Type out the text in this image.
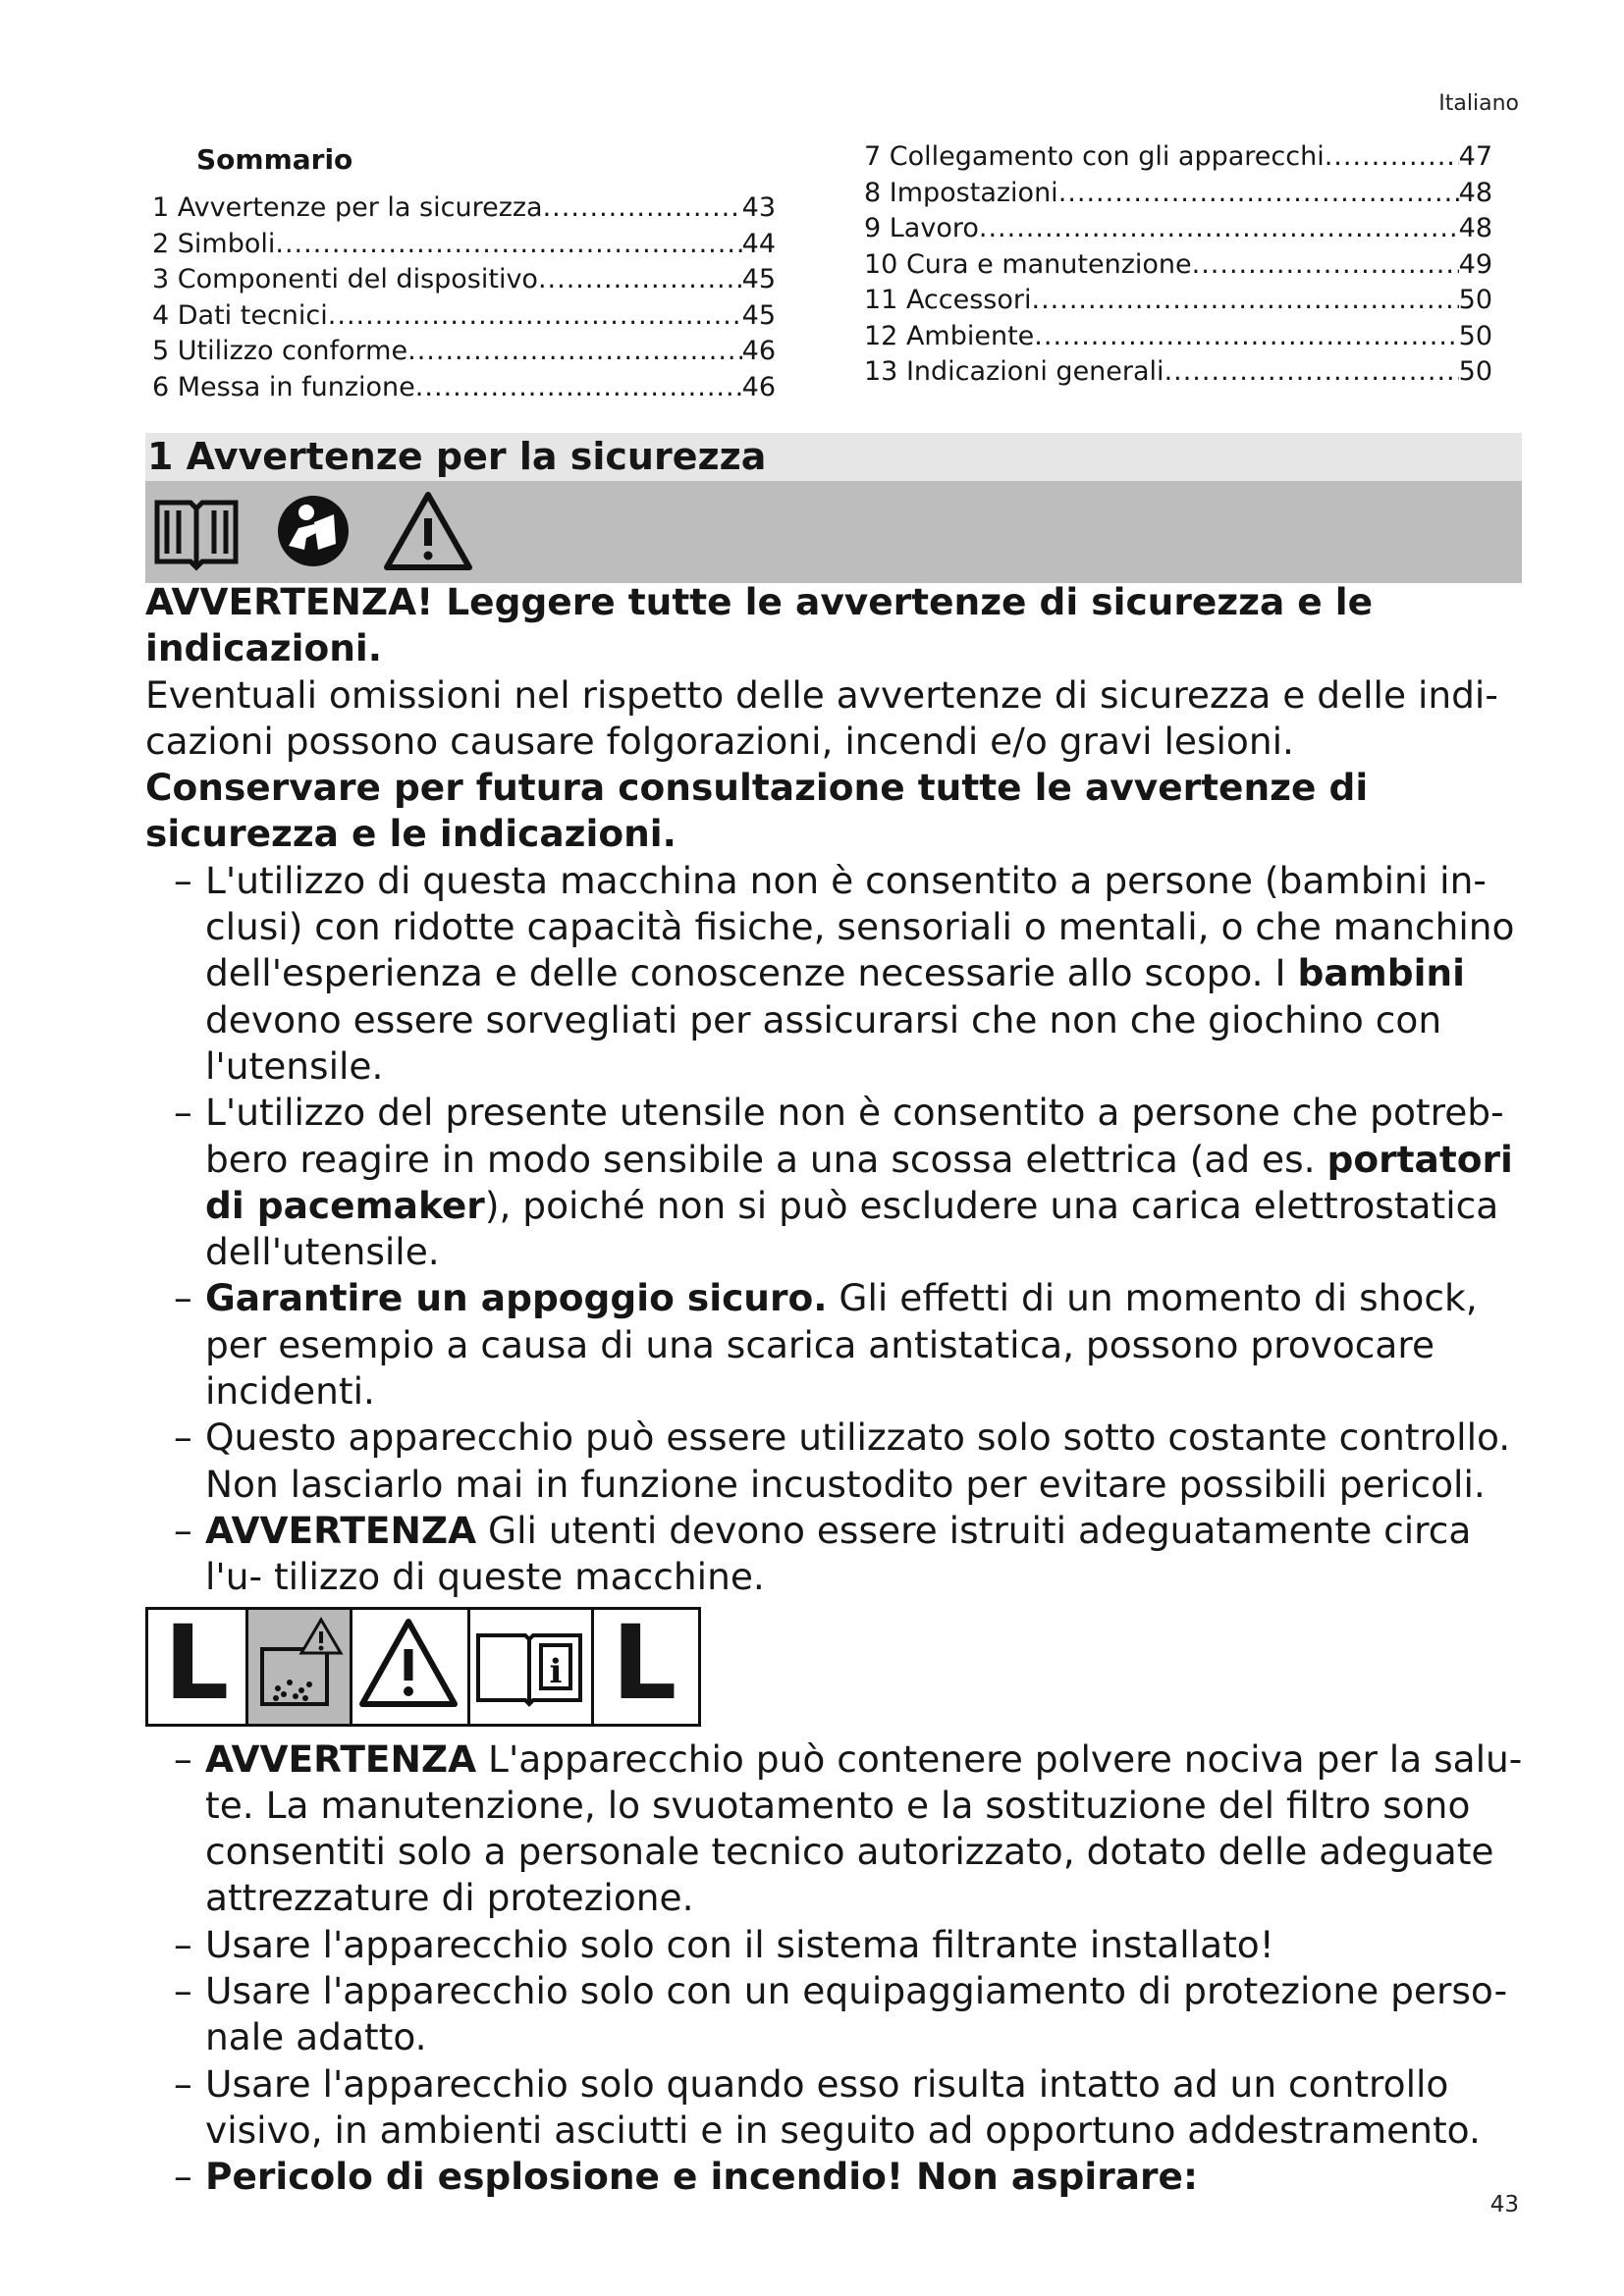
Italiano
Sommario
1 Avvertenze per la sicurezza .....	43
2 Simboli .....	44
3 Componenti del dispositivo .....	45
4 Dati tecnici .....	45
5 Utilizzo conforme .....	46
6 Messa in funzione .....	46
7 Collegamento con gli apparecchi .....	47
8 Impostazioni .....	48
9 Lavoro .....	48
10 Cura e manutenzione .....	49
11 Accessori .....	50
12 Ambiente .....	50
13 Indicazioni generali .....	50
1 Avvertenze per la sicurezza

AVVERTENZA! Leggere tutte le avvertenze di sicurezza e le indicazioni.

Eventuali omissioni nel rispetto delle avvertenze di sicurezza e delle indi- cazioni possono causare folgorazioni, incendi e/o gravi lesioni.

Conservare per futura consultazione tutte le avvertenze di sicurezza e le indicazioni.

– L'utilizzo di questa macchina non è consentito a persone (bambini in- clusi) con ridotte capacità fisiche, sensoriali o mentali, o che manchino dell'esperienza e delle conoscenze necessarie allo scopo. I bambini devono essere sorvegliati per assicurarsi che non che giochino con l'utensile.

– L'utilizzo del presente utensile non è consentito a persone che potreb- bero reagire in modo sensibile a una scossa elettrica (ad es. portatori di pacemaker), poiché non si può escludere una carica elettrostatica dell'utensile.

– Garantire un appoggio sicuro. Gli effetti di un momento di shock, per esempio a causa di una scarica antistatica, possono provocare incidenti.

– Questo apparecchio può essere utilizzato solo sotto costante controllo. Non lasciarlo mai in funzione incustodito per evitare possibili pericoli.

– AVVERTENZA Gli utenti devono essere istruiti adeguatamente circa l'u- tilizzo di queste macchine.

L	i L

– AVVERTENZA L'apparecchio può contenere polvere nociva per la salu- te. La manutenzione, lo svuotamento e la sostituzione del filtro sono consentiti solo a personale tecnico autorizzato, dotato delle adeguate attrezzature di protezione.

– Usare l'apparecchio solo con il sistema filtrante installato!

– Usare l'apparecchio solo con un equipaggiamento di protezione perso- nale adatto.

– Usare l'apparecchio solo quando esso risulta intatto ad un controllo visivo, in ambienti asciutti e in seguito ad opportuno addestramento.

– Pericolo di esplosione e incendio! Non aspirare:

43
